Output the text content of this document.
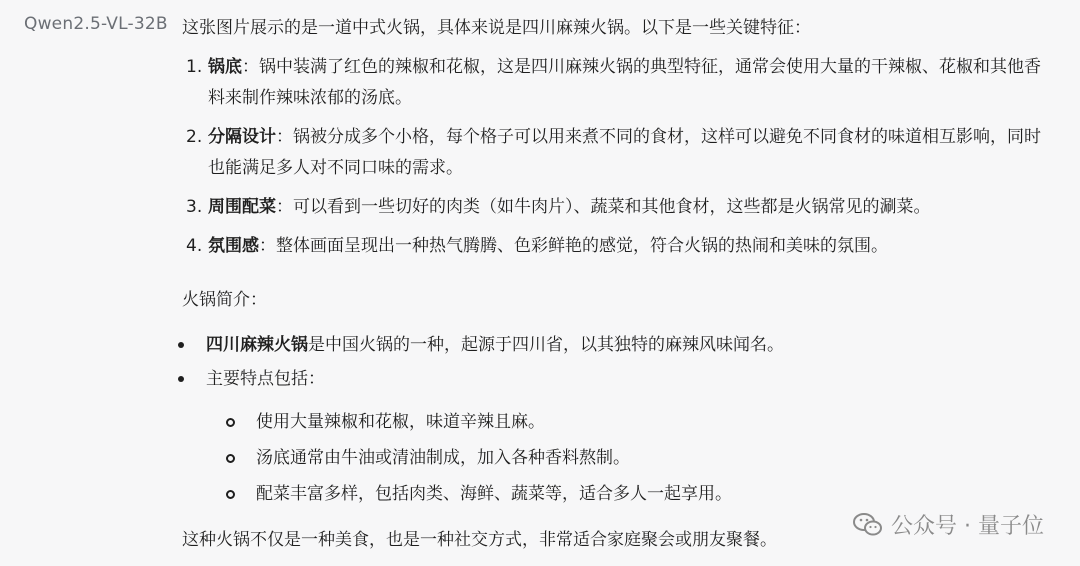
Qwen2.5-VL-32B 这张图片展示的是一道中式火锅，具体来说是四川麻辣火锅。以下是一些关键特征：

1. 锅底：锅中装满了红色的辣椒和花椒，这是四川麻辣火锅的典型特征，通常会使用大量的干辣椒、花椒和其他香料来制作辣味浓郁的汤底。
2. 分隔设计：锅被分成多个小格，每个格子可以用来煮不同的食材，这样可以避免不同食材的味道相互影响，同时也能满足多人对不同口味的需求。
3. 周围配菜：可以看到一些切好的肉类（如牛肉片）、蔬菜和其他食材，这些都是火锅常见的涮菜。
4. 氛围感：整体画面呈现出一种热气腾腾、色彩鲜艳的感觉，符合火锅的热闹和美味的氛围。

火锅简介：

四川麻辣火锅是中国火锅的一种，起源于四川省，以其独特的麻辣风味闻名。
主要特点包括：
使用大量辣椒和花椒，味道辛辣且麻。
汤底通常由牛油或清油制成，加入各种香料熬制。
配菜丰富多样，包括肉类、海鲜、蔬菜等，适合多人一起享用。

这种火锅不仅是一种美食，也是一种社交方式，非常适合家庭聚会或朋友聚餐。

公众号 · 量子位
